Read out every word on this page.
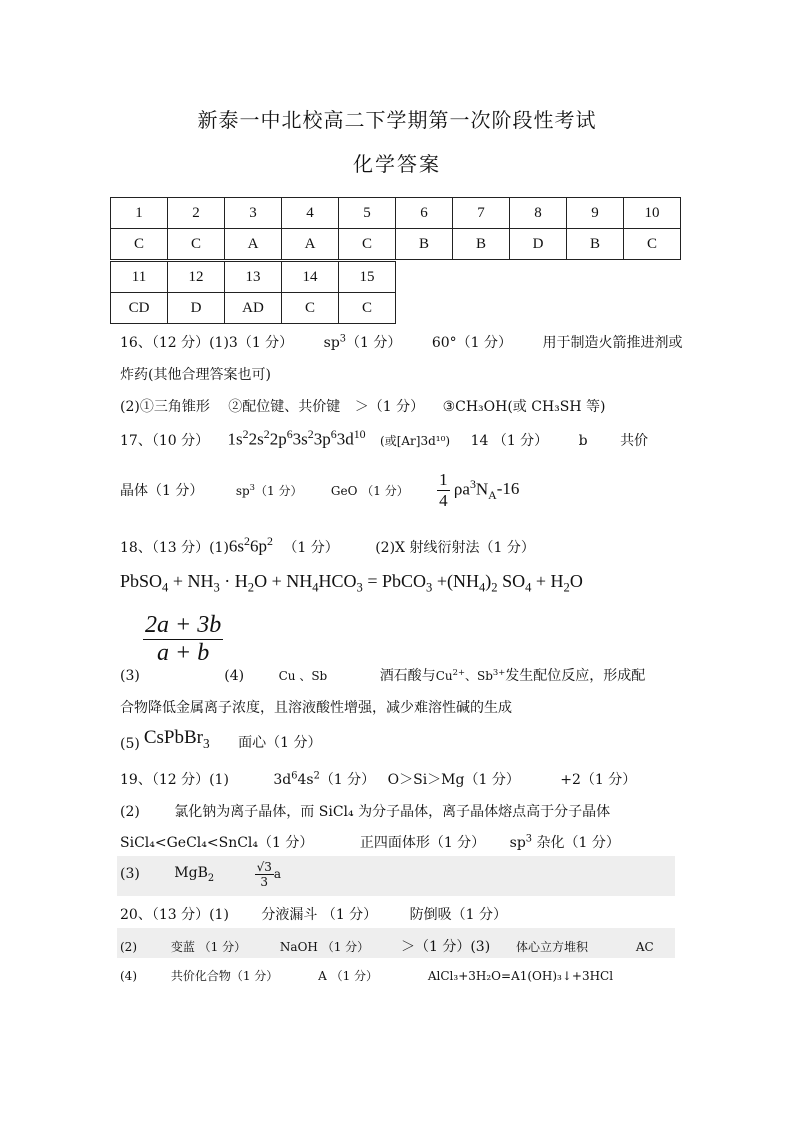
新泰一中北校高二下学期第一次阶段性考试
化学答案
1	2	3	4	5	6	7	8	9	10
C	C	A	A	C	B	B	D	B	C
11	12	13	14	15
CD	D	AD	C	C
16、（12 分）(1)3（1 分） $sp^3(1$ 分） 60°（1 分） 用于制造火箭推进剂或
炸药(其他合理答案也可)
(2)①三角锥形 ②配位键、共价键 ＞（1 分） ③CH₃OH(或 CH₃SH 等)
17、（10 分） $1s^22s^22p^63s^23p^63d^{10}$ (或[Ar]3d¹⁰) 14 （1 分） b 共价
晶体（1 分）	$sp^3(1$ 分） GeO （1 分） $\frac{1}{4} \rho a^3N_A-16$
18、（13 分）$(1)6s^26p^2$ （1 分）	(2)X 射线衍射法（1 分）
PbSO$_4$ + $NH_3 \cdot H_2O + NH_4HCO_3$ = PbCO$_3$ $+(NH_4)_2$ $SO_4 + H_2O$
$\frac{2a + 3b}{a + b}$
(3)	(4)	Cu 、Sb	酒石酸与$Cu^{2+}$、$Sb^{3+}$发生配位反应，形成配
合物降低金属离子浓度，且溶液酸性增强，减少难溶性碱的生成
(5) CsPbBr$_3$ 面心（1 分）
19、（12 分）(1)	$3d^64s^2(1$ 分） O＞Si＞Mg（1 分）	+2（1 分）
(2) 氯化钠为离子晶体，而 SiCl₄ 为分子晶体，离子晶体熔点高于分子晶体
SiCl₄<GeCl₄<SnCl₄（1 分）	正四面体形（1 分） $sp^3$ 杂化（1 分）
(3) MgB$_2$	$\frac{√3}{3}$ a
20、（13 分）(1) 分液漏斗 （1 分） 防倒吸（1 分）
(2)	变蓝 （1 分）	NaOH （1 分） ＞（1 分）(3) 体心立方堆积	AC
(4)	共价化合物（1 分）	A （1 分）	AlCl₃+3H₂O=A1(OH)₃↓+3HCl
